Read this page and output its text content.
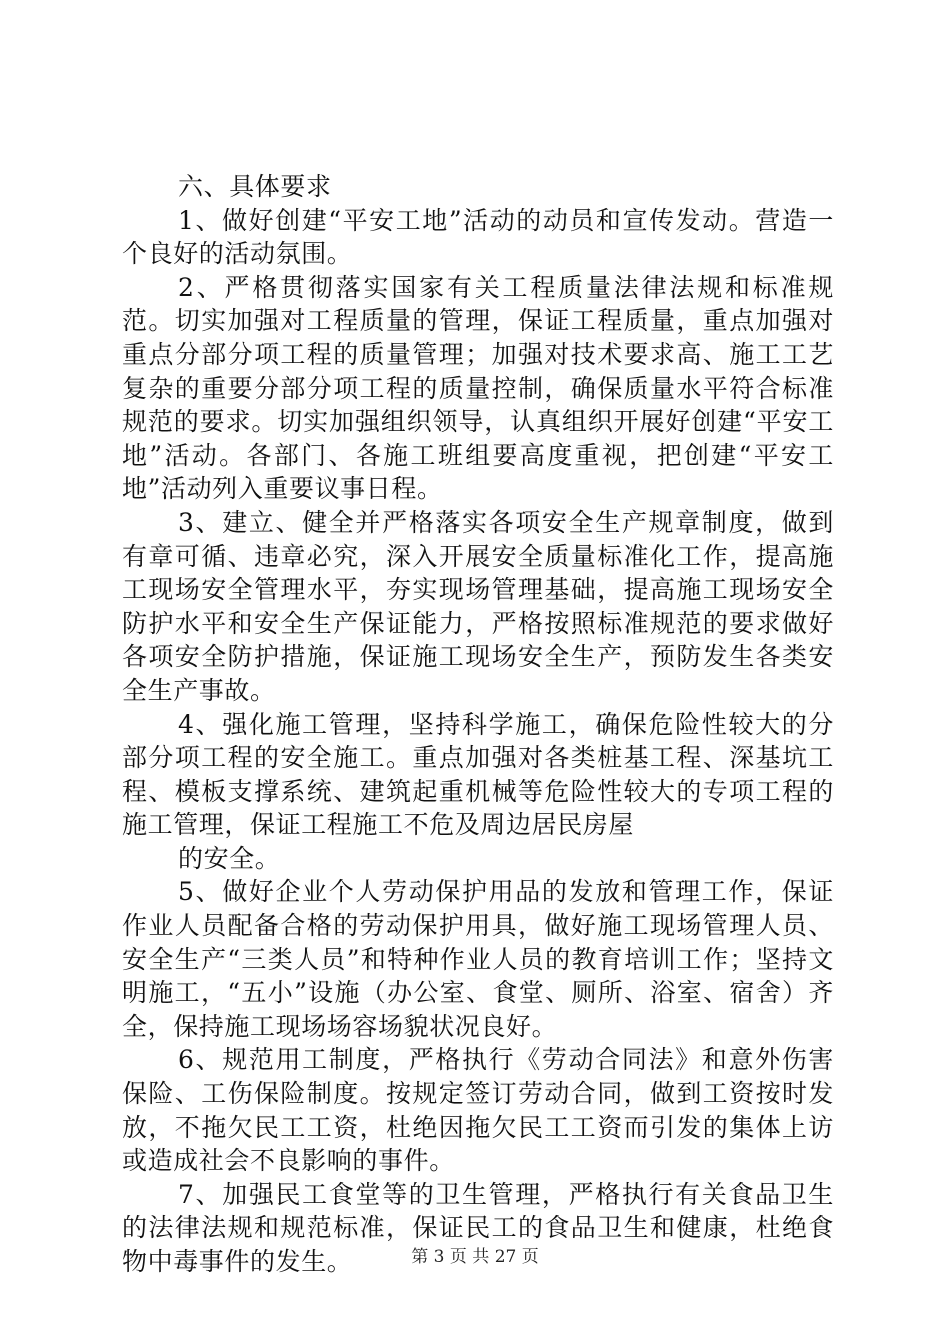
六、具体要求

1、做好创建“平安工地”活动的动员和宣传发动。营造一个良好的活动氛围。

2、严格贯彻落实国家有关工程质量法律法规和标准规范。切实加强对工程质量的管理，保证工程质量，重点加强对重点分部分项工程的质量管理；加强对技术要求高、施工工艺复杂的重要分部分项工程的质量控制，确保质量水平符合标准规范的要求。切实加强组织领导，认真组织开展好创建“平安工地”活动。各部门、各施工班组要高度重视，把创建“平安工地”活动列入重要议事日程。

3、建立、健全并严格落实各项安全生产规章制度，做到有章可循、违章必究，深入开展安全质量标准化工作，提高施工现场安全管理水平，夯实现场管理基础，提高施工现场安全防护水平和安全生产保证能力，严格按照标准规范的要求做好各项安全防护措施，保证施工现场安全生产，预防发生各类安全生产事故。

4、强化施工管理，坚持科学施工，确保危险性较大的分部分项工程的安全施工。重点加强对各类桩基工程、深基坑工程、模板支撑系统、建筑起重机械等危险性较大的专项工程的施工管理，保证工程施工不危及周边居民房屋

的安全。

5、做好企业个人劳动保护用品的发放和管理工作，保证作业人员配备合格的劳动保护用具，做好施工现场管理人员、安全生产“三类人员”和特种作业人员的教育培训工作；坚持文明施工，“五小”设施（办公室、食堂、厕所、浴室、宿舍）齐全，保持施工现场场容场貌状况良好。

6、规范用工制度，严格执行《劳动合同法》和意外伤害保险、工伤保险制度。按规定签订劳动合同，做到工资按时发放，不拖欠民工工资，杜绝因拖欠民工工资而引发的集体上访或造成社会不良影响的事件。

7、加强民工食堂等的卫生管理，严格执行有关食品卫生的法律法规和规范标准，保证民工的食品卫生和健康，杜绝食物中毒事件的发生。	第 3 页 共 27 页
